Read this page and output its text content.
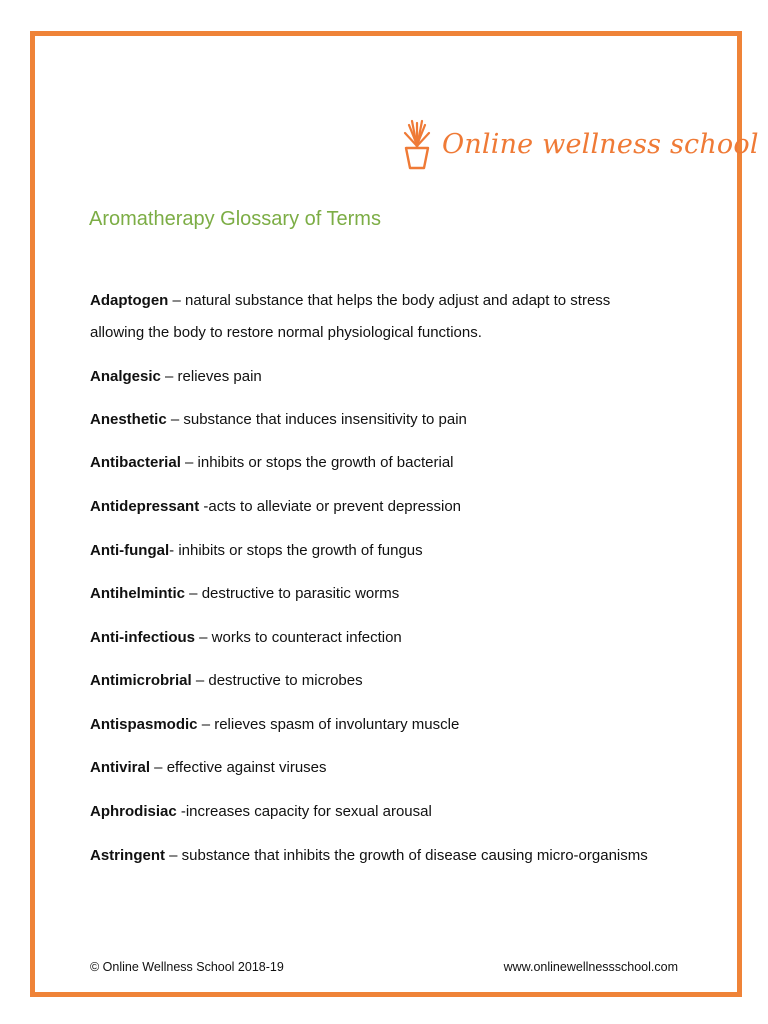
Online wellness school
Aromatherapy Glossary of Terms

Adaptogen – natural substance that helps the body adjust and adapt to stress allowing the body to restore normal physiological functions.

Analgesic – relieves pain

Anesthetic – substance that induces insensitivity to pain

Antibacterial – inhibits or stops the growth of bacterial

Antidepressant -acts to alleviate or prevent depression

Anti-fungal- inhibits or stops the growth of fungus

Antihelmintic – destructive to parasitic worms

Anti-infectious – works to counteract infection

Antimicrobrial – destructive to microbes

Antispasmodic – relieves spasm of involuntary muscle

Antiviral – effective against viruses

Aphrodisiac -increases capacity for sexual arousal

Astringent – substance that inhibits the growth of disease causing micro-organisms

© Online Wellness School 2018-19	www.onlinewellnessschool.com
